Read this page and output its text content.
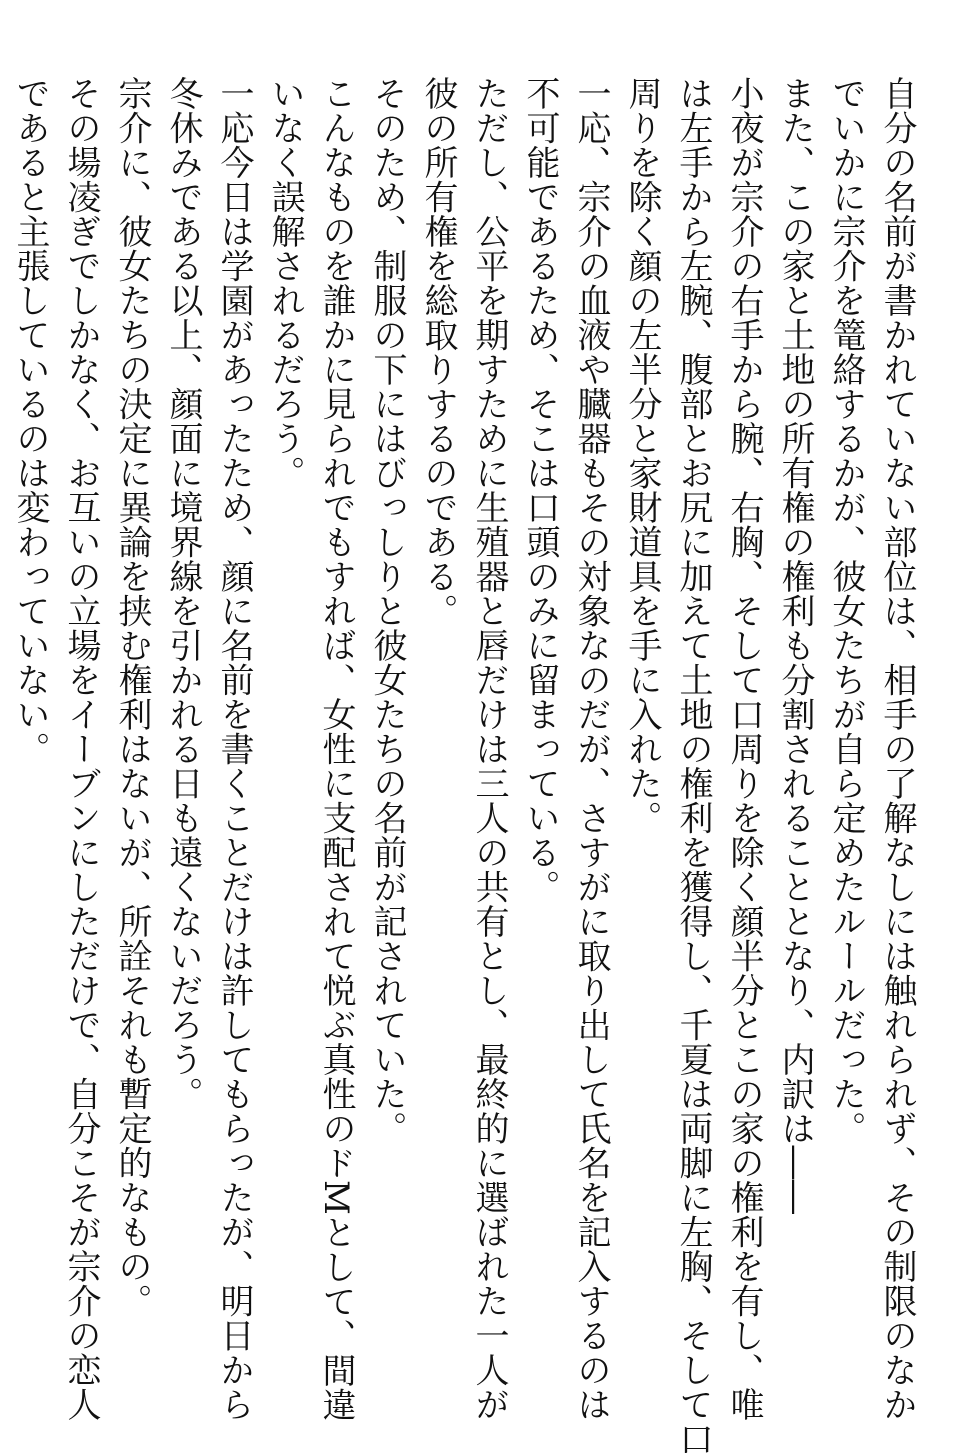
自分の名前が書かれていない部位は、相手の了解なしには触れられず、その制限のなか

でいかに宗介を篭絡するかが、彼女たちが自ら定めたルールだった。

また、この家と土地の所有権の権利も分割されることとなり、内訳は――

小夜が宗介の右手から腕、右胸、そして口周りを除く顔半分とこの家の権利を有し、唯

は左手から左腕、腹部とお尻に加えて土地の権利を獲得し、千夏は両脚に左胸、そして口

周りを除く顔の左半分と家財道具を手に入れた。

一応、宗介の血液や臓器もその対象なのだが、さすがに取り出して氏名を記入するのは

不可能であるため、そこは口頭のみに留まっている。

ただし、公平を期すために生殖器と唇だけは三人の共有とし、最終的に選ばれた一人が

彼の所有権を総取りするのである。

そのため、制服の下にはびっしりと彼女たちの名前が記されていた。

こんなものを誰かに見られでもすれば、女性に支配されて悦ぶ真性のドMとして、間違

いなく誤解されるだろう。

一応今日は学園があったため、顔に名前を書くことだけは許してもらったが、明日から

冬休みである以上、顔面に境界線を引かれる日も遠くないだろう。

宗介に、彼女たちの決定に異論を挟む権利はないが、所詮それも暫定的なもの。

その場凌ぎでしかなく、お互いの立場をイーブンにしただけで、自分こそが宗介の恋人

であると主張しているのは変わっていない。
